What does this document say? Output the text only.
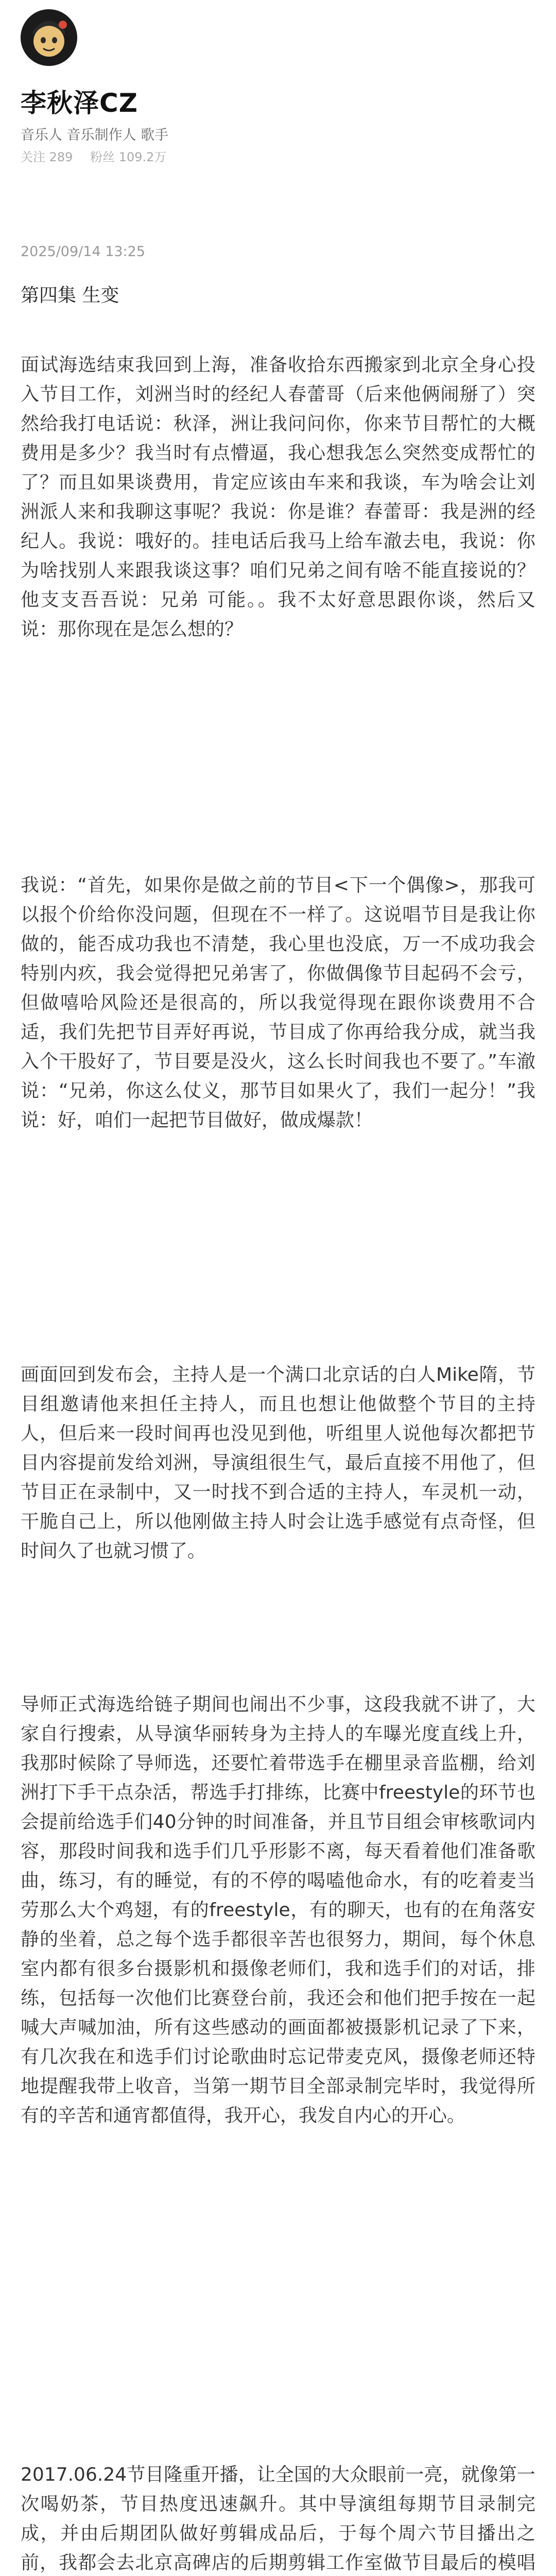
李秋泽CZ
音乐人 音乐制作人 歌手
关注 289 粉丝 109.2万
2025/09/14 13:25
第四集 生变
面试海选结束我回到上海，准备收拾东西搬家到北京全身心投入节目工作，刘洲当时的经纪人春蕾哥（后来他俩闹掰了）突然给我打电话说：秋泽，洲让我问问你，你来节目帮忙的大概费用是多少？我当时有点懵逼，我心想我怎么突然变成帮忙的了？而且如果谈费用，肯定应该由车来和我谈，车为啥会让刘洲派人来和我聊这事呢？我说：你是谁？春蕾哥：我是洲的经纪人。我说：哦好的。挂电话后我马上给车澈去电，我说：你为啥找别人来跟我谈这事？咱们兄弟之间有啥不能直接说的？他支支吾吾说：兄弟 可能。。我不太好意思跟你谈，然后又说：那你现在是怎么想的？
我说：“首先，如果你是做之前的节目<下一个偶像>，那我可以报个价给你没问题，但现在不一样了。这说唱节目是我让你做的，能否成功我也不清楚，我心里也没底，万一不成功我会特别内疚，我会觉得把兄弟害了，你做偶像节目起码不会亏，但做嘻哈风险还是很高的，所以我觉得现在跟你谈费用不合适，我们先把节目弄好再说，节目成了你再给我分成，就当我入个干股好了，节目要是没火，这么长时间我也不要了。”车澈说：“兄弟，你这么仗义，那节目如果火了，我们一起分！”我说：好，咱们一起把节目做好，做成爆款！
画面回到发布会，主持人是一个满口北京话的白人Mike隋，节目组邀请他来担任主持人，而且也想让他做整个节目的主持人，但后来一段时间再也没见到他，听组里人说他每次都把节目内容提前发给刘洲，导演组很生气，最后直接不用他了，但节目正在录制中，又一时找不到合适的主持人，车灵机一动，干脆自己上，所以他刚做主持人时会让选手感觉有点奇怪，但时间久了也就习惯了。
导师正式海选给链子期间也闹出不少事，这段我就不讲了，大家自行搜索，从导演华丽转身为主持人的车曝光度直线上升，我那时候除了导师选，还要忙着带选手在棚里录音监棚，给刘洲打下手干点杂活，帮选手打排练，比赛中freestyle的环节也会提前给选手们40分钟的时间准备，并且节目组会审核歌词内容，那段时间我和选手们几乎形影不离，每天看着他们准备歌曲，练习，有的睡觉，有的不停的喝嗑他命水，有的吃着麦当劳那么大个鸡翅，有的freestyle，有的聊天，也有的在角落安静的坐着，总之每个选手都很辛苦也很努力，期间，每个休息室内都有很多台摄影机和摄像老师们，我和选手们的对话，排练，包括每一次他们比赛登台前，我还会和他们把手按在一起喊大声喊加油，所有这些感动的画面都被摄影机记录了下来，有几次我在和选手们讨论歌曲时忘记带麦克风，摄像老师还特地提醒我带上收音，当第一期节目全部录制完毕时，我觉得所有的辛苦和通宵都值得，我开心，我发自内心的开心。
2017.06.24节目隆重开播，让全国的大众眼前一亮，就像第一次喝奶茶，节目热度迅速飙升。其中导演组每期节目录制完成，并由后期团队做好剪辑成品后，于每个周六节目播出之前，我都会去北京高碑店的后期剪辑工作室做节目最后的模唱
